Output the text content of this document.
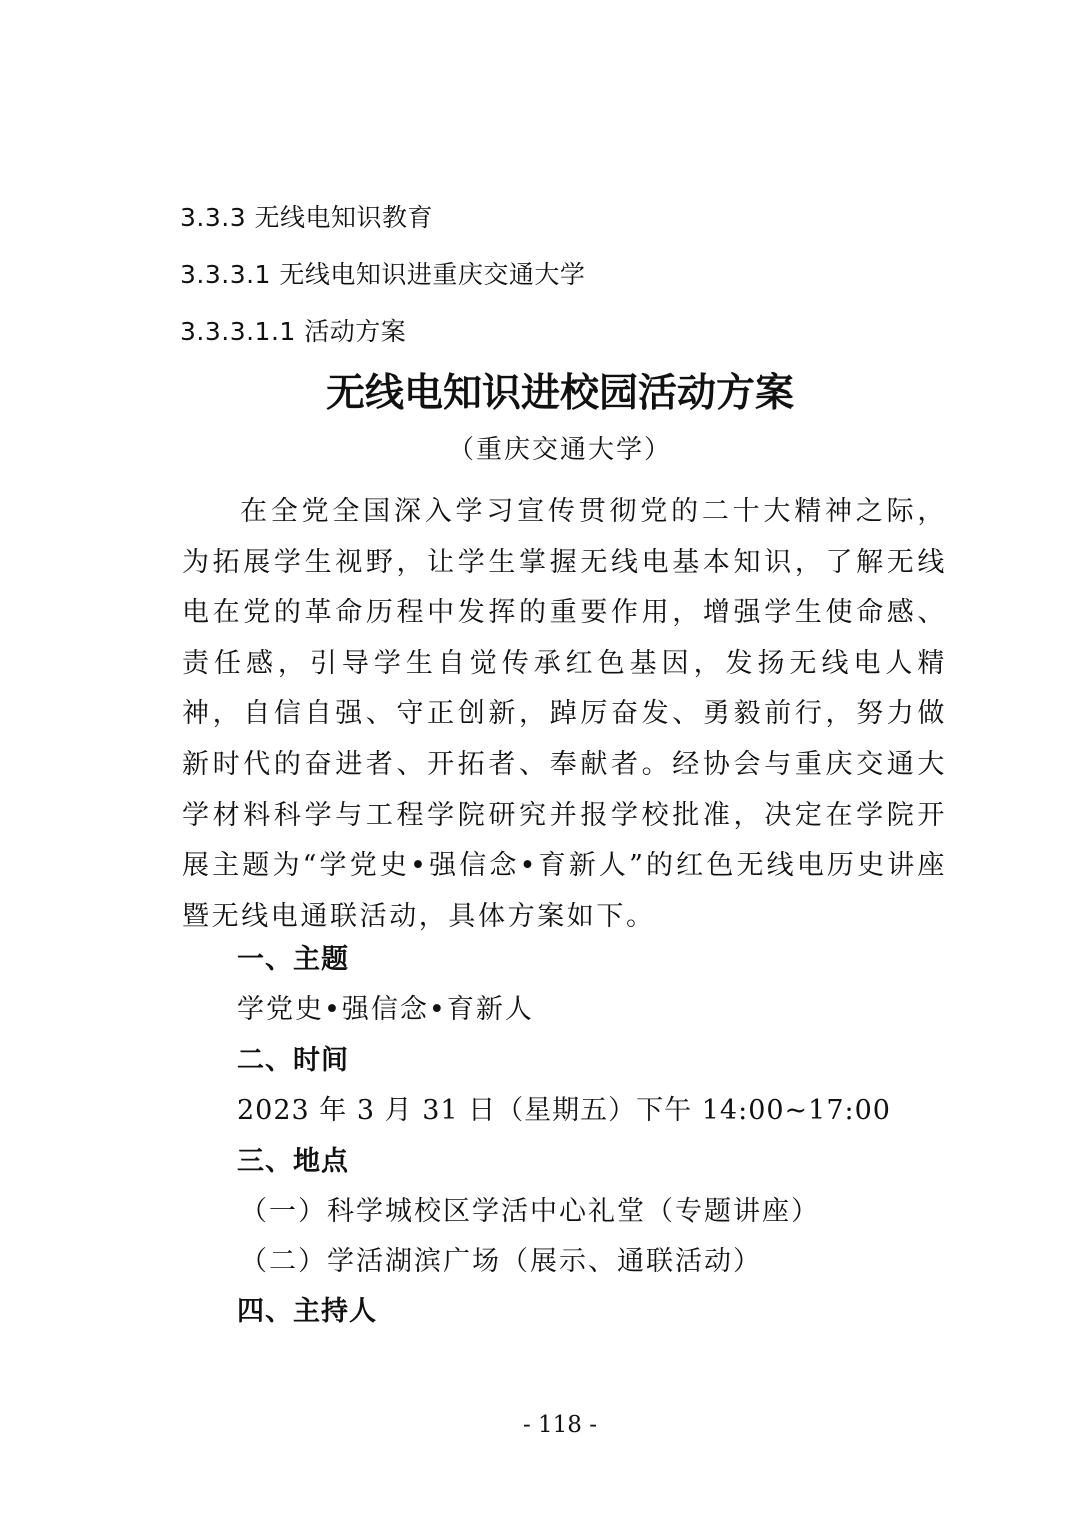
3.3.3 无线电知识教育
3.3.3.1 无线电知识进重庆交通大学
3.3.3.1.1 活动方案
无线电知识进校园活动方案
（重庆交通大学）

在全党全国深入学习宣传贯彻党的二十大精神之际，为拓展学生视野，让学生掌握无线电基本知识，了解无线电在党的革命历程中发挥的重要作用，增强学生使命感、责任感，引导学生自觉传承红色基因，发扬无线电人精神，自信自强、守正创新，踔厉奋发、勇毅前行，努力做新时代的奋进者、开拓者、奉献者。经协会与重庆交通大学材料科学与工程学院研究并报学校批准，决定在学院开展主题为“学党史•强信念•育新人”的红色无线电历史讲座暨无线电通联活动，具体方案如下。

一、主题
学党史•强信念•育新人
二、时间
2023 年 3 月 31 日（星期五）下午 14:00~17:00
三、地点
（一）科学城校区学活中心礼堂（专题讲座）
（二）学活湖滨广场（展示、通联活动）
四、主持人
- 118 -
